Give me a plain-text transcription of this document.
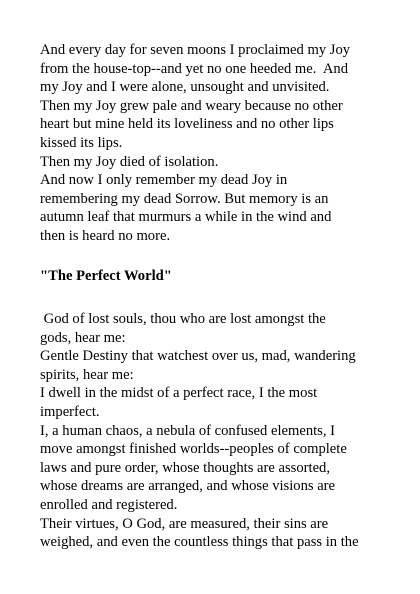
And every day for seven moons I proclaimed my Joy
from the house-top--and yet no one heeded me.  And
my Joy and I were alone, unsought and unvisited.
Then my Joy grew pale and weary because no other
heart but mine held its loveliness and no other lips
kissed its lips.
Then my Joy died of isolation.
And now I only remember my dead Joy in
remembering my dead Sorrow. But memory is an
autumn leaf that murmurs a while in the wind and
then is heard no more.
"The Perfect World"
God of lost souls, thou who are lost amongst the
gods, hear me:
Gentle Destiny that watchest over us, mad, wandering
spirits, hear me:
I dwell in the midst of a perfect race, I the most
imperfect.
I, a human chaos, a nebula of confused elements, I
move amongst finished worlds--peoples of complete
laws and pure order, whose thoughts are assorted,
whose dreams are arranged, and whose visions are
enrolled and registered.
Their virtues, O God, are measured, their sins are
weighed, and even the countless things that pass in the
